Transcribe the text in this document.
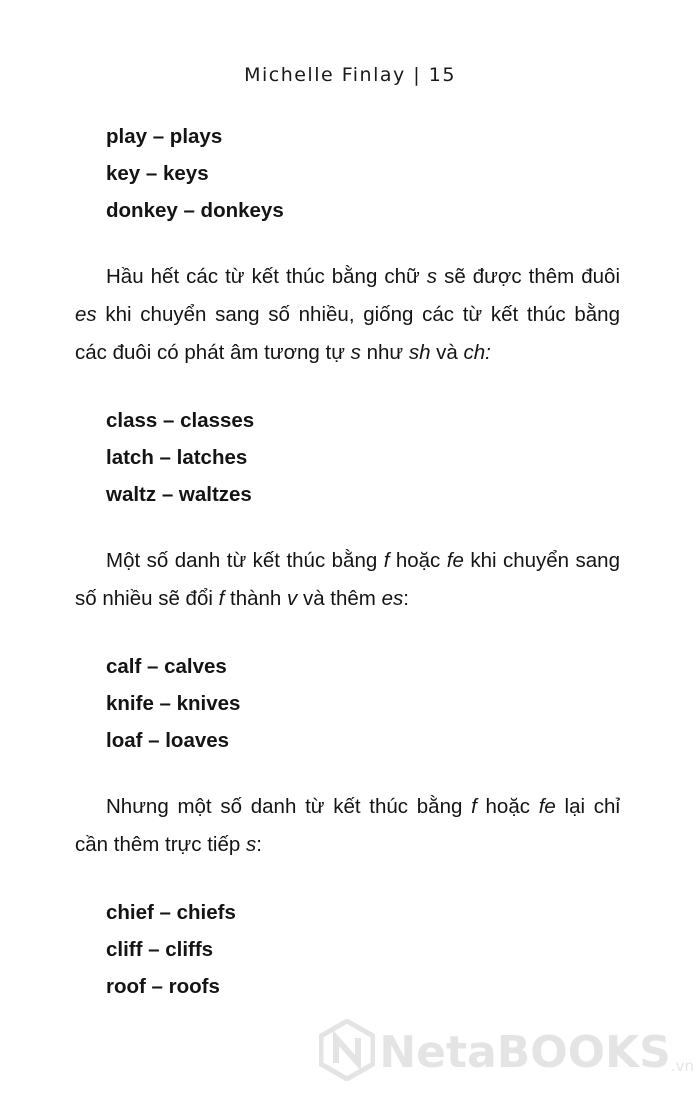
Michelle Finlay | 15
play – plays
key – keys
donkey – donkeys

Hầu hết các từ kết thúc bằng chữ s sẽ được thêm đuôi es khi chuyển sang số nhiều, giống các từ kết thúc bằng các đuôi có phát âm tương tự s như sh và ch:

class – classes
latch – latches
waltz – waltzes

Một số danh từ kết thúc bằng f hoặc fe khi chuyển sang số nhiều sẽ đổi f thành v và thêm es:

calf – calves
knife – knives
loaf – loaves

Nhưng một số danh từ kết thúc bằng f hoặc fe lại chỉ cần thêm trực tiếp s:

chief – chiefs
cliff – cliffs
roof – roofs
NetaBOOKS .vn
